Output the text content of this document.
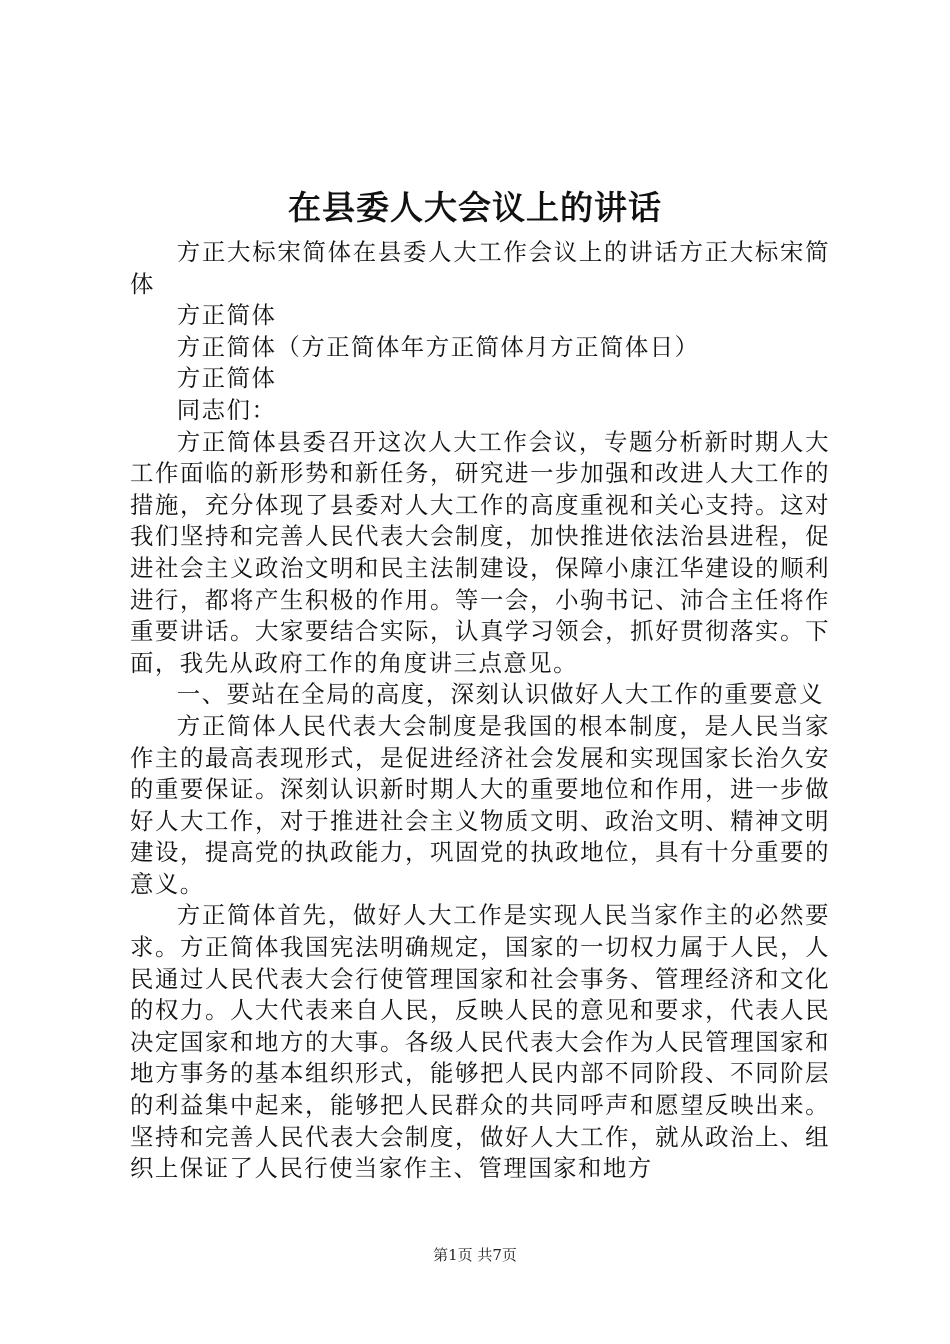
在县委人大会议上的讲话

方正大标宋简体在县委人大工作会议上的讲话方正大标宋简体

方正简体

方正简体（方正简体年方正简体月方正简体日）

方正简体

同志们：

方正简体县委召开这次人大工作会议，专题分析新时期人大工作面临的新形势和新任务，研究进一步加强和改进人大工作的措施，充分体现了县委对人大工作的高度重视和关心支持。这对我们坚持和完善人民代表大会制度，加快推进依法治县进程，促进社会主义政治文明和民主法制建设，保障小康江华建设的顺利进行，都将产生积极的作用。等一会，小驹书记、沛合主任将作重要讲话。大家要结合实际，认真学习领会，抓好贯彻落实。下面，我先从政府工作的角度讲三点意见。

一、要站在全局的高度，深刻认识做好人大工作的重要意义

方正简体人民代表大会制度是我国的根本制度，是人民当家作主的最高表现形式，是促进经济社会发展和实现国家长治久安的重要保证。深刻认识新时期人大的重要地位和作用，进一步做好人大工作，对于推进社会主义物质文明、政治文明、精神文明建设，提高党的执政能力，巩固党的执政地位，具有十分重要的意义。

方正简体首先，做好人大工作是实现人民当家作主的必然要求。方正简体我国宪法明确规定，国家的一切权力属于人民，人民通过人民代表大会行使管理国家和社会事务、管理经济和文化的权力。人大代表来自人民，反映人民的意见和要求，代表人民决定国家和地方的大事。各级人民代表大会作为人民管理国家和地方事务的基本组织形式，能够把人民内部不同阶段、不同阶层的利益集中起来，能够把人民群众的共同呼声和愿望反映出来。坚持和完善人民代表大会制度，做好人大工作，就从政治上、组织上保证了人民行使当家作主、管理国家和地方

第1页 共7页
